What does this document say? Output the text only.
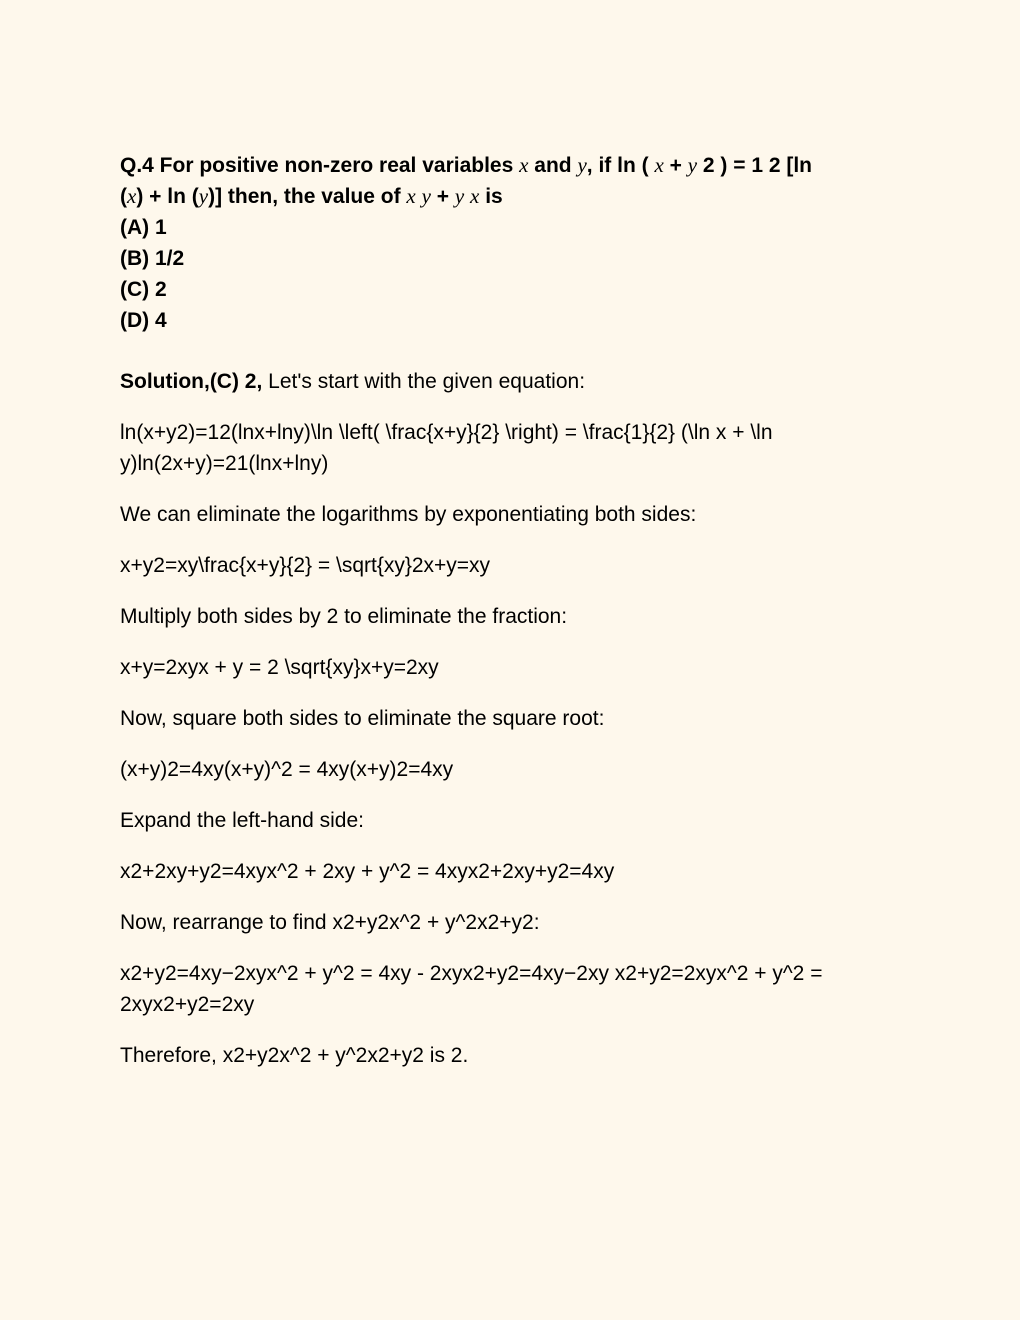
Q.4 For positive non-zero real variables x and y, if ln ( x + y 2 ) = 1 2 [ln

(x) + ln (y)] then, the value of x y + y x is

(A) 1

(B) 1/2

(C) 2

(D) 4

Solution,(C) 2, Let's start with the given equation:

ln(x+y2)=12(lnx+lny)\ln \left( \frac{x+y}{2} \right) = \frac{1}{2} (\ln x + \ln y)ln(2x+y)=21(lnx+lny)

We can eliminate the logarithms by exponentiating both sides:

x+y2=xy\frac{x+y}{2} = \sqrt{xy}2x+y=xy

Multiply both sides by 2 to eliminate the fraction:

x+y=2xyx + y = 2 \sqrt{xy}x+y=2xy

Now, square both sides to eliminate the square root:

(x+y)2=4xy(x+y)^2 = 4xy(x+y)2=4xy

Expand the left-hand side:

x2+2xy+y2=4xyx^2 + 2xy + y^2 = 4xyx2+2xy+y2=4xy

Now, rearrange to find x2+y2x^2 + y^2x2+y2:

x2+y2=4xy−2xyx^2 + y^2 = 4xy - 2xyx2+y2=4xy−2xy x2+y2=2xyx^2 + y^2 = 2xyx2+y2=2xy

Therefore, x2+y2x^2 + y^2x2+y2 is 2.
